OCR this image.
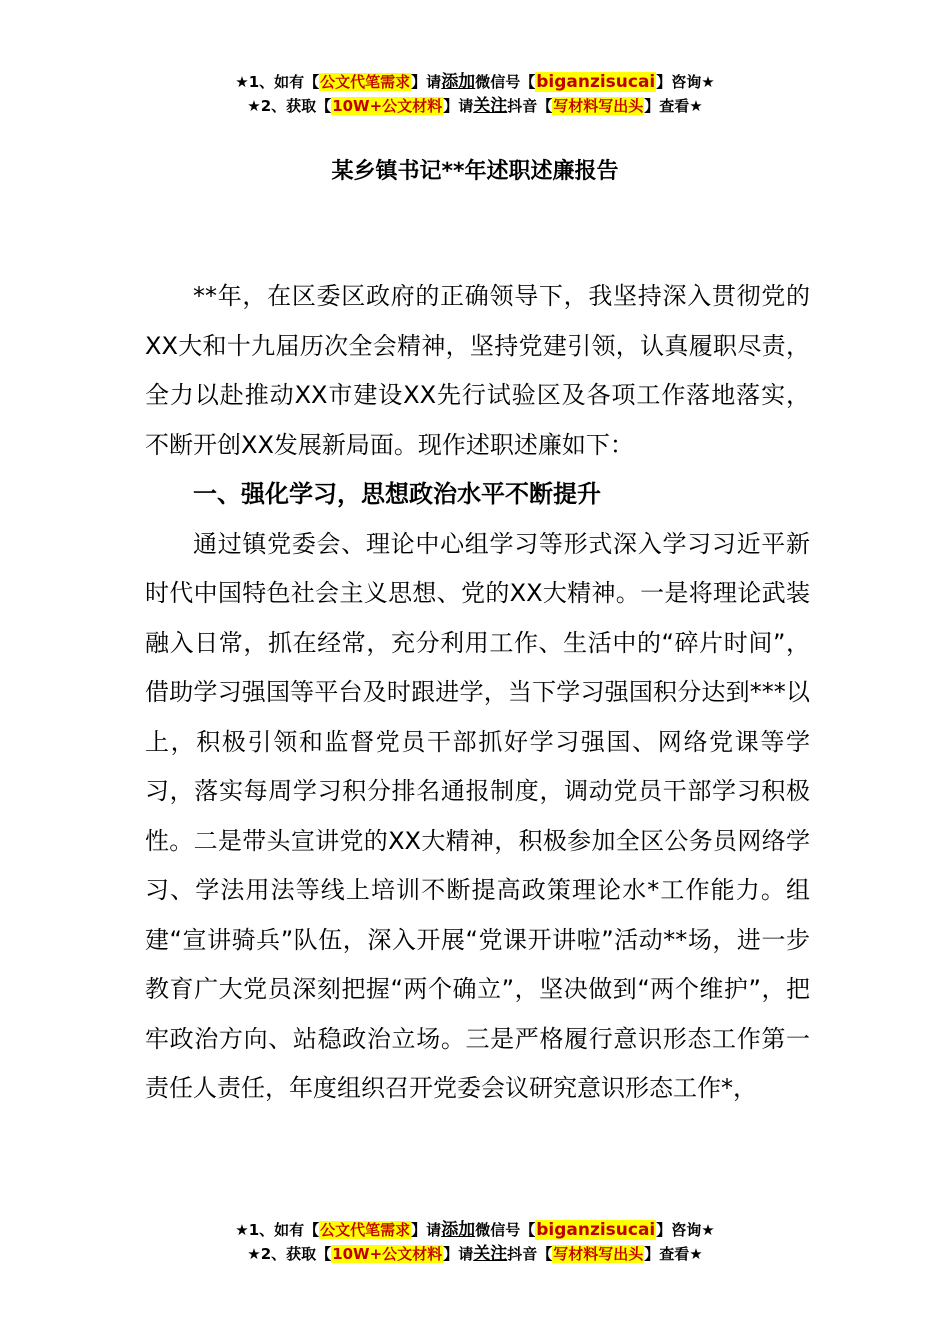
★1、如有【公文代笔需求】请添加微信号【biganzisucai】咨询★
★2、获取【10W+公文材料】请关注抖音【写材料写出头】查看★
某乡镇书记**年述职述廉报告

**年，在区委区政府的正确领导下，我坚持深入贯彻党的XX大和十九届历次全会精神，坚持党建引领，认真履职尽责，全力以赴推动XX市建设XX先行试验区及各项工作落地落实，不断开创XX发展新局面。现作述职述廉如下：

一、强化学习，思想政治水平不断提升

通过镇党委会、理论中心组学习等形式深入学习习近平新时代中国特色社会主义思想、党的XX大精神。一是将理论武装融入日常，抓在经常，充分利用工作、生活中的“碎片时间”，借助学习强国等平台及时跟进学，当下学习强国积分达到***以上，积极引领和监督党员干部抓好学习强国、网络党课等学习，落实每周学习积分排名通报制度，调动党员干部学习积极性。二是带头宣讲党的XX大精神，积极参加全区公务员网络学习、学法用法等线上培训不断提高政策理论水*工作能力。组建“宣讲骑兵”队伍，深入开展“党课开讲啦”活动**场，进一步教育广大党员深刻把握“两个确立”，坚决做到“两个维护”，把牢政治方向、站稳政治立场。三是严格履行意识形态工作第一责任人责任，年度组织召开党委会议研究意识形态工作*，

★1、如有【公文代笔需求】请添加微信号【biganzisucai】咨询★
★2、获取【10W+公文材料】请关注抖音【写材料写出头】查看★
